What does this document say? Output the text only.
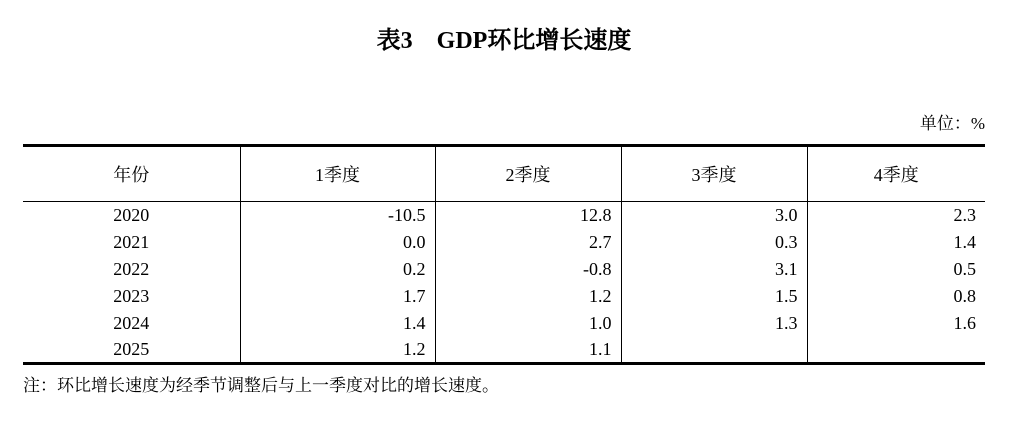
表3　GDP环比增长速度
单位：%
年份	1季度	2季度	3季度	4季度
2020	-10.5	12.8	3.0	2.3
2021	0.0	2.7	0.3	1.4
2022	0.2	-0.8	3.1	0.5
2023	1.7	1.2	1.5	0.8
2024	1.4	1.0	1.3	1.6
2025	1.2	1.1		
注：环比增长速度为经季节调整后与上一季度对比的增长速度。
